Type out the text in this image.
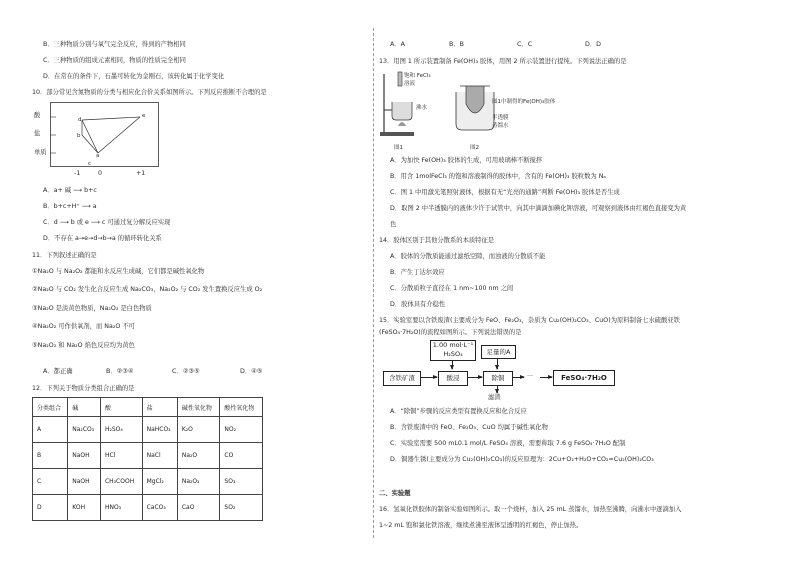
B．三种物质分别与氧气完全反应，得到的产物相同
C．三种物质的组成元素相同，物质的性质完全相同
D．在常在的条件下，石墨可转化为金刚石，该转化属于化学变化
10．部分常见含氮物质的分类与相应化合价关系如图所示。下列反应推断不合理的是
酸
盐
单质
d
b
a
e
c
-1	0	+1
A．a+ 碱 ⟶ b+c
B．b+c+H⁺ ⟶ a
C．d ⟶ b 或 e ⟶ c 可通过复分解反应实现
D．不存在 a→e→d→b→a 的循环转化关系
11．下列叙述正确的是
①Na₂O 与 Na₂O₂ 都能和水反应生成碱，它们都是碱性氧化物
②Na₂O 与 CO₂ 发生化合反应生成 Na₂CO₃，Na₂O₂ 与 CO₂ 发生置换反应生成 O₂
③Na₂O 是淡黄色物质，Na₂O₂ 是白色物质
④Na₂O₂ 可作供氧剂，而 Na₂O 不可
⑤Na₂O₂ 和 Na₂O 焰色反应均为黄色
A．都正确	B．②③④	C．②③⑤	D．④⑤
12．下列关于物质分类组合正确的是
分类组合	碱	酸	盐	碱性氧化物	酸性氧化物
A	Na₂CO₃	H₂SO₄	NaHCO₃	K₂O	NO₂
B	NaOH	HCl	NaCl	Na₂O	CO
C	NaOH	CH₃COOH	MgCl₂	Na₂O₂	SO₃
D	KOH	HNO₃	CaCO₃	CaO	SO₂
A．A	B．B	C．C	D．D
13．用图 1 所示装置制备 Fe(OH)₃ 胶体，用图 2 所示装置进行提纯。下列说法正确的是
饱和 FeCl₃
溶液
沸水
图1
图1中制得的Fe(OH)₃胶体
半透膜
蒸馏水
图2
A．为加快 Fe(OH)₃ 胶体的生成，可用玻璃棒不断搅拌
B．用含 1molFeCl₃ 的饱和溶液制得的胶体中，含有的 Fe(OH)₃ 胶粒数为 Nₐ
C．图 1 中用激光笔照射液体，根据有无“光亮的通路”判断 Fe(OH)₃ 胶体是否生成
D．取图 2 中半透膜内的液体少许于试管中，向其中滴滴加碘化钾溶液，可观察到液体由红褐色直接变为黄
色
14．胶体区别于其他分散系的本质特征是
A．胶体的分散质能通过滤纸空隙，而浊液的分散质不能
B．产生丁达尔效应
C．分散质粒子直径在 1 nm~100 nm 之间
D．胶体具有介稳性
15．实验室要以含铁废渣(主要成分为 FeO、Fe₂O₃，杂质为 Cu₂(OH)₂CO₃、CuO)为原料制备七水硫酸亚铁
(FeSO₄·7H₂O)的流程如图所示。下列说法错误的是
1.00 mol·L⁻¹
H₂SO₄	足量的A
含铁矿渣	酸浸	除铜	···	FeSO₄·7H₂O
滤渣
A．“除铜”步骤的反应类型有置换反应和化合反应
B．含铁废渣中的 FeO、Fe₂O₃、CuO 均属于碱性氧化物
C．实验室需要 500 mL0.1 mol/L FeSO₄ 溶液，需要称取 7.6 g FeSO₄·7H₂O 配制
D．铜器生锈(主要成分为 Cu₂(OH)₂CO₃)的反应原理为：2Cu+O₂+H₂O+CO₂=Cu₂(OH)₂CO₃
二、实验题
16．氢氧化铁胶体的制备实验如图所示。取一个烧杯，加入 25 mL 蒸馏水，加热至沸腾，向沸水中逐滴加入
1~2 mL 饱和氯化铁溶液，继续煮沸至液体呈透明的红褐色，停止加热。
